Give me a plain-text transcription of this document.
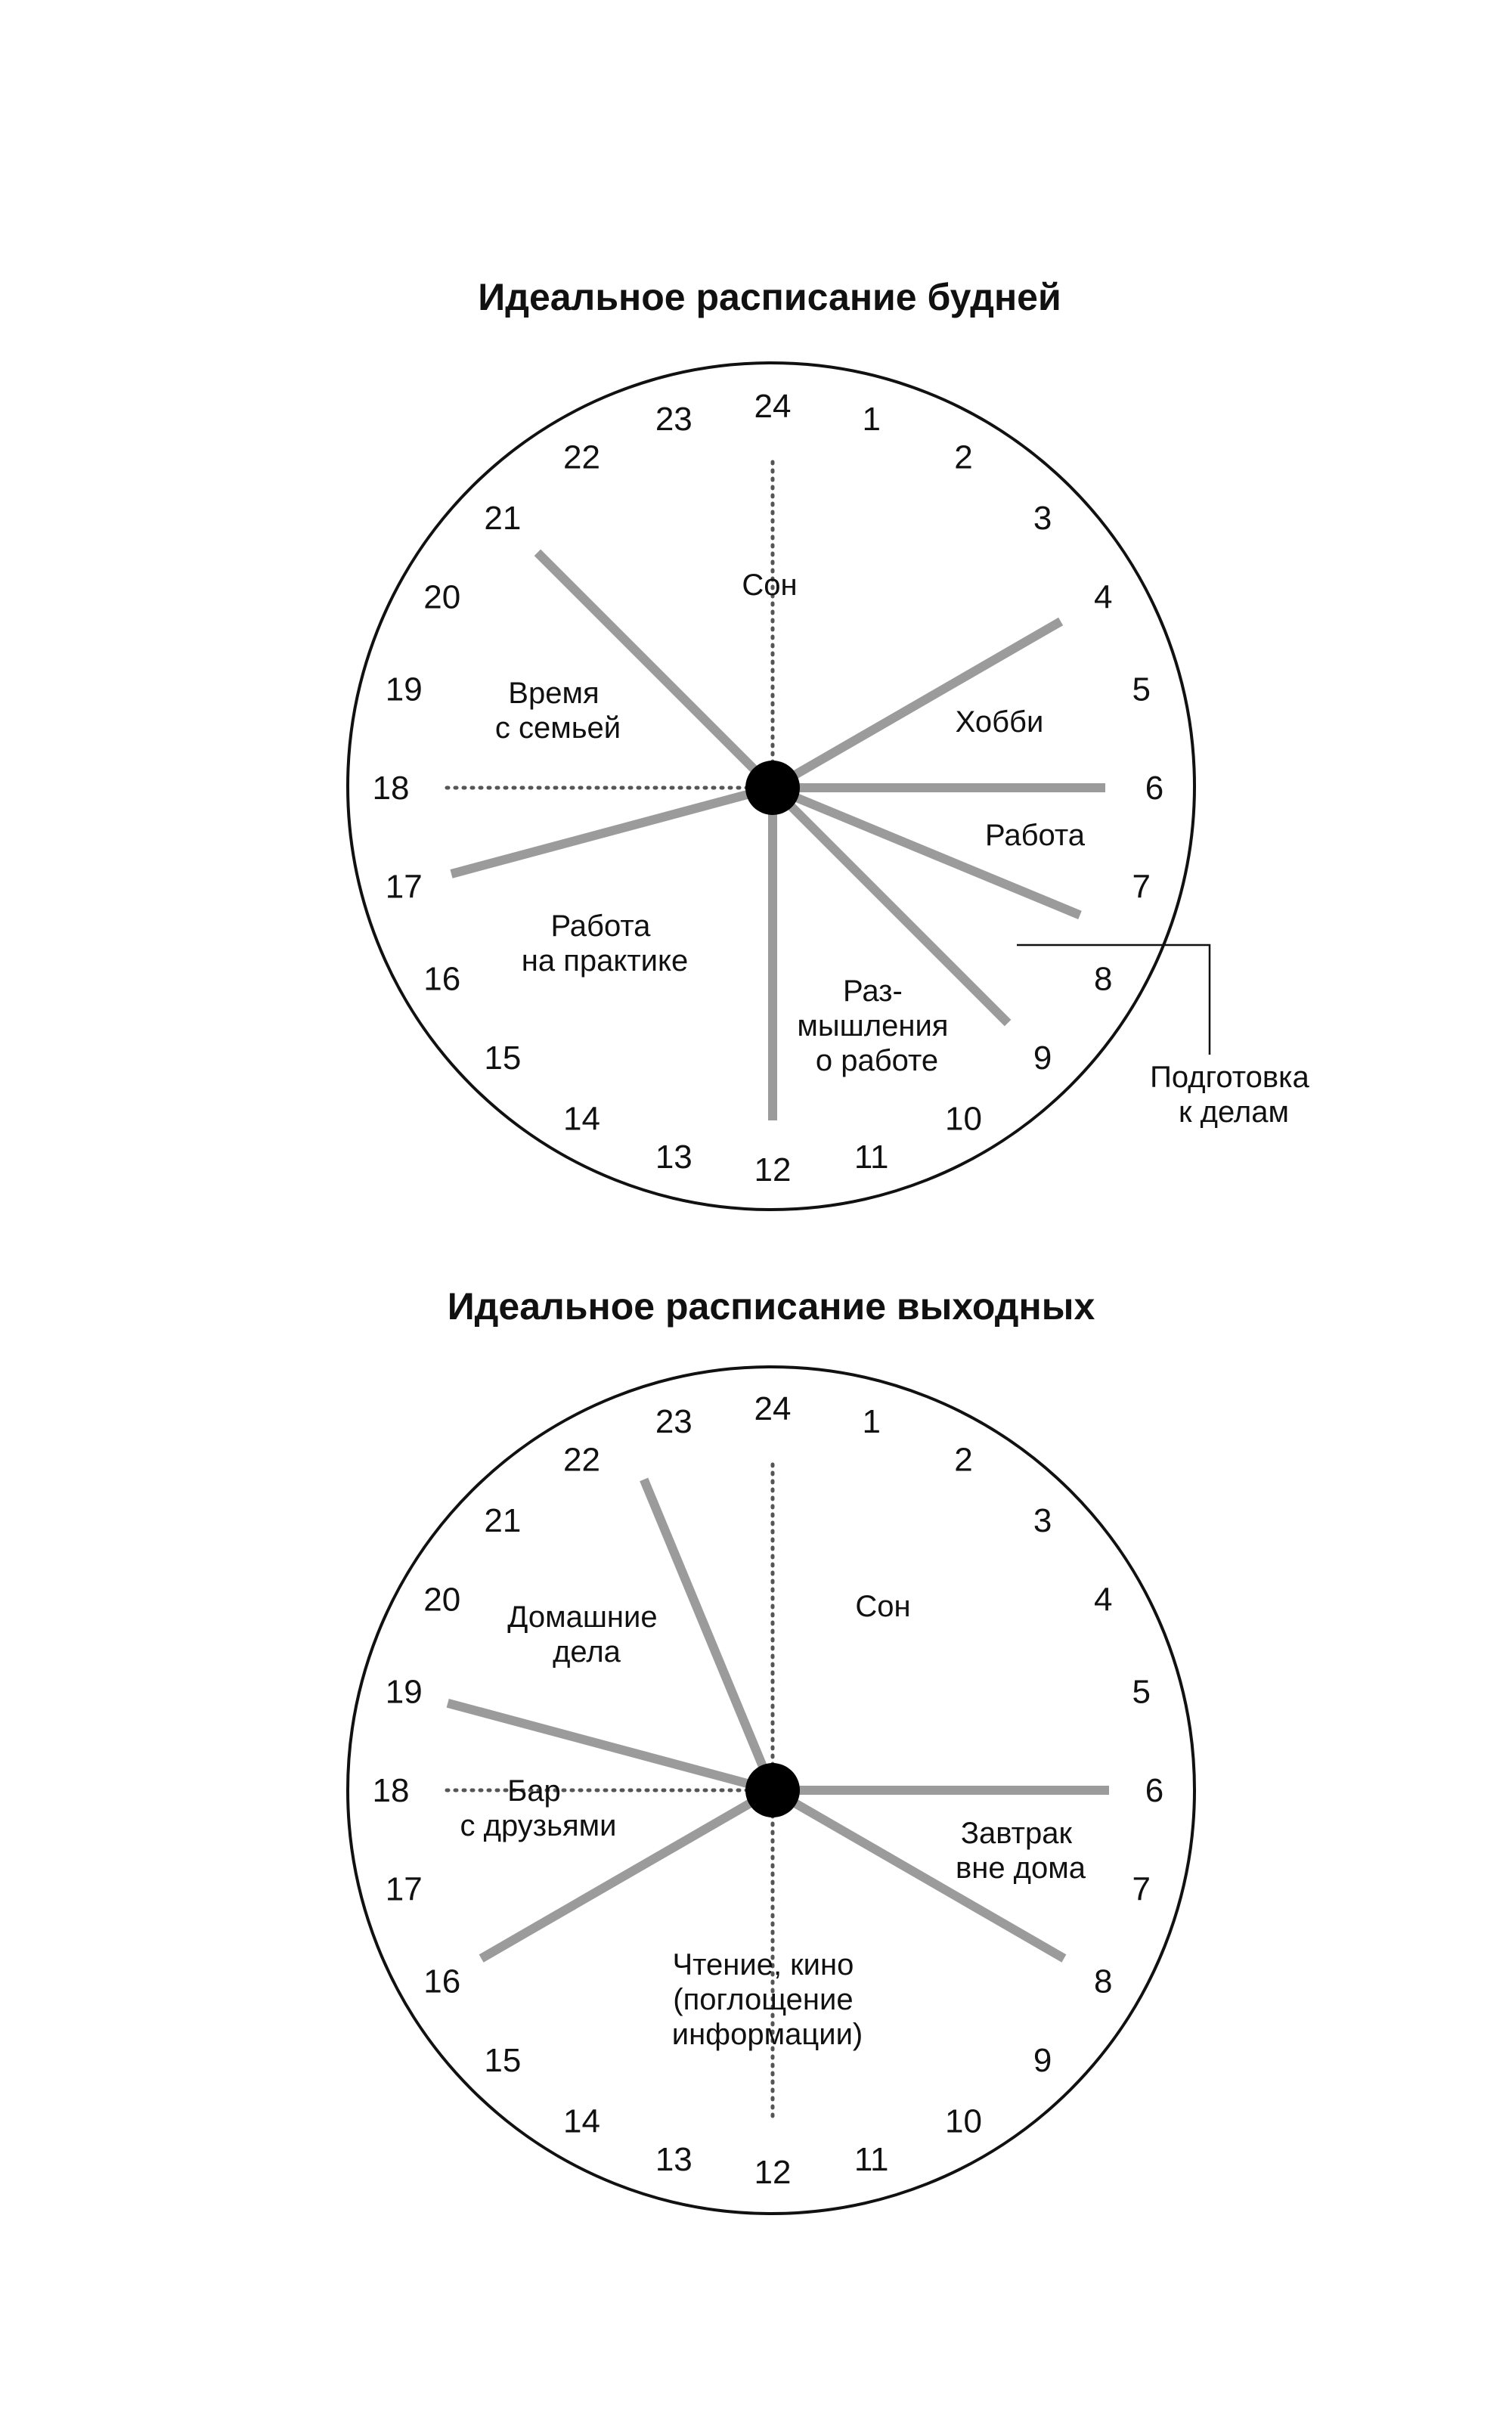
Идеальное расписание будней
24 1
2
3
4
5
6
7
8
9
10
11
12
13
14
15
16
17
18
19
20
21
22
23
Сон
Хобби
Работа
Раз- мышления о работе
Работа на практике
Время с семьей
Подготовка к делам
Идеальное расписание выходных
24 1
2
3
4
5
6
7
8
9
10
11
12
13
14
15
16
17
18
19
20
21
22
23
Сон
Завтрак вне дома
Чтение, кино (поглощение информации)
Бар с друзьями
Домашние дела
